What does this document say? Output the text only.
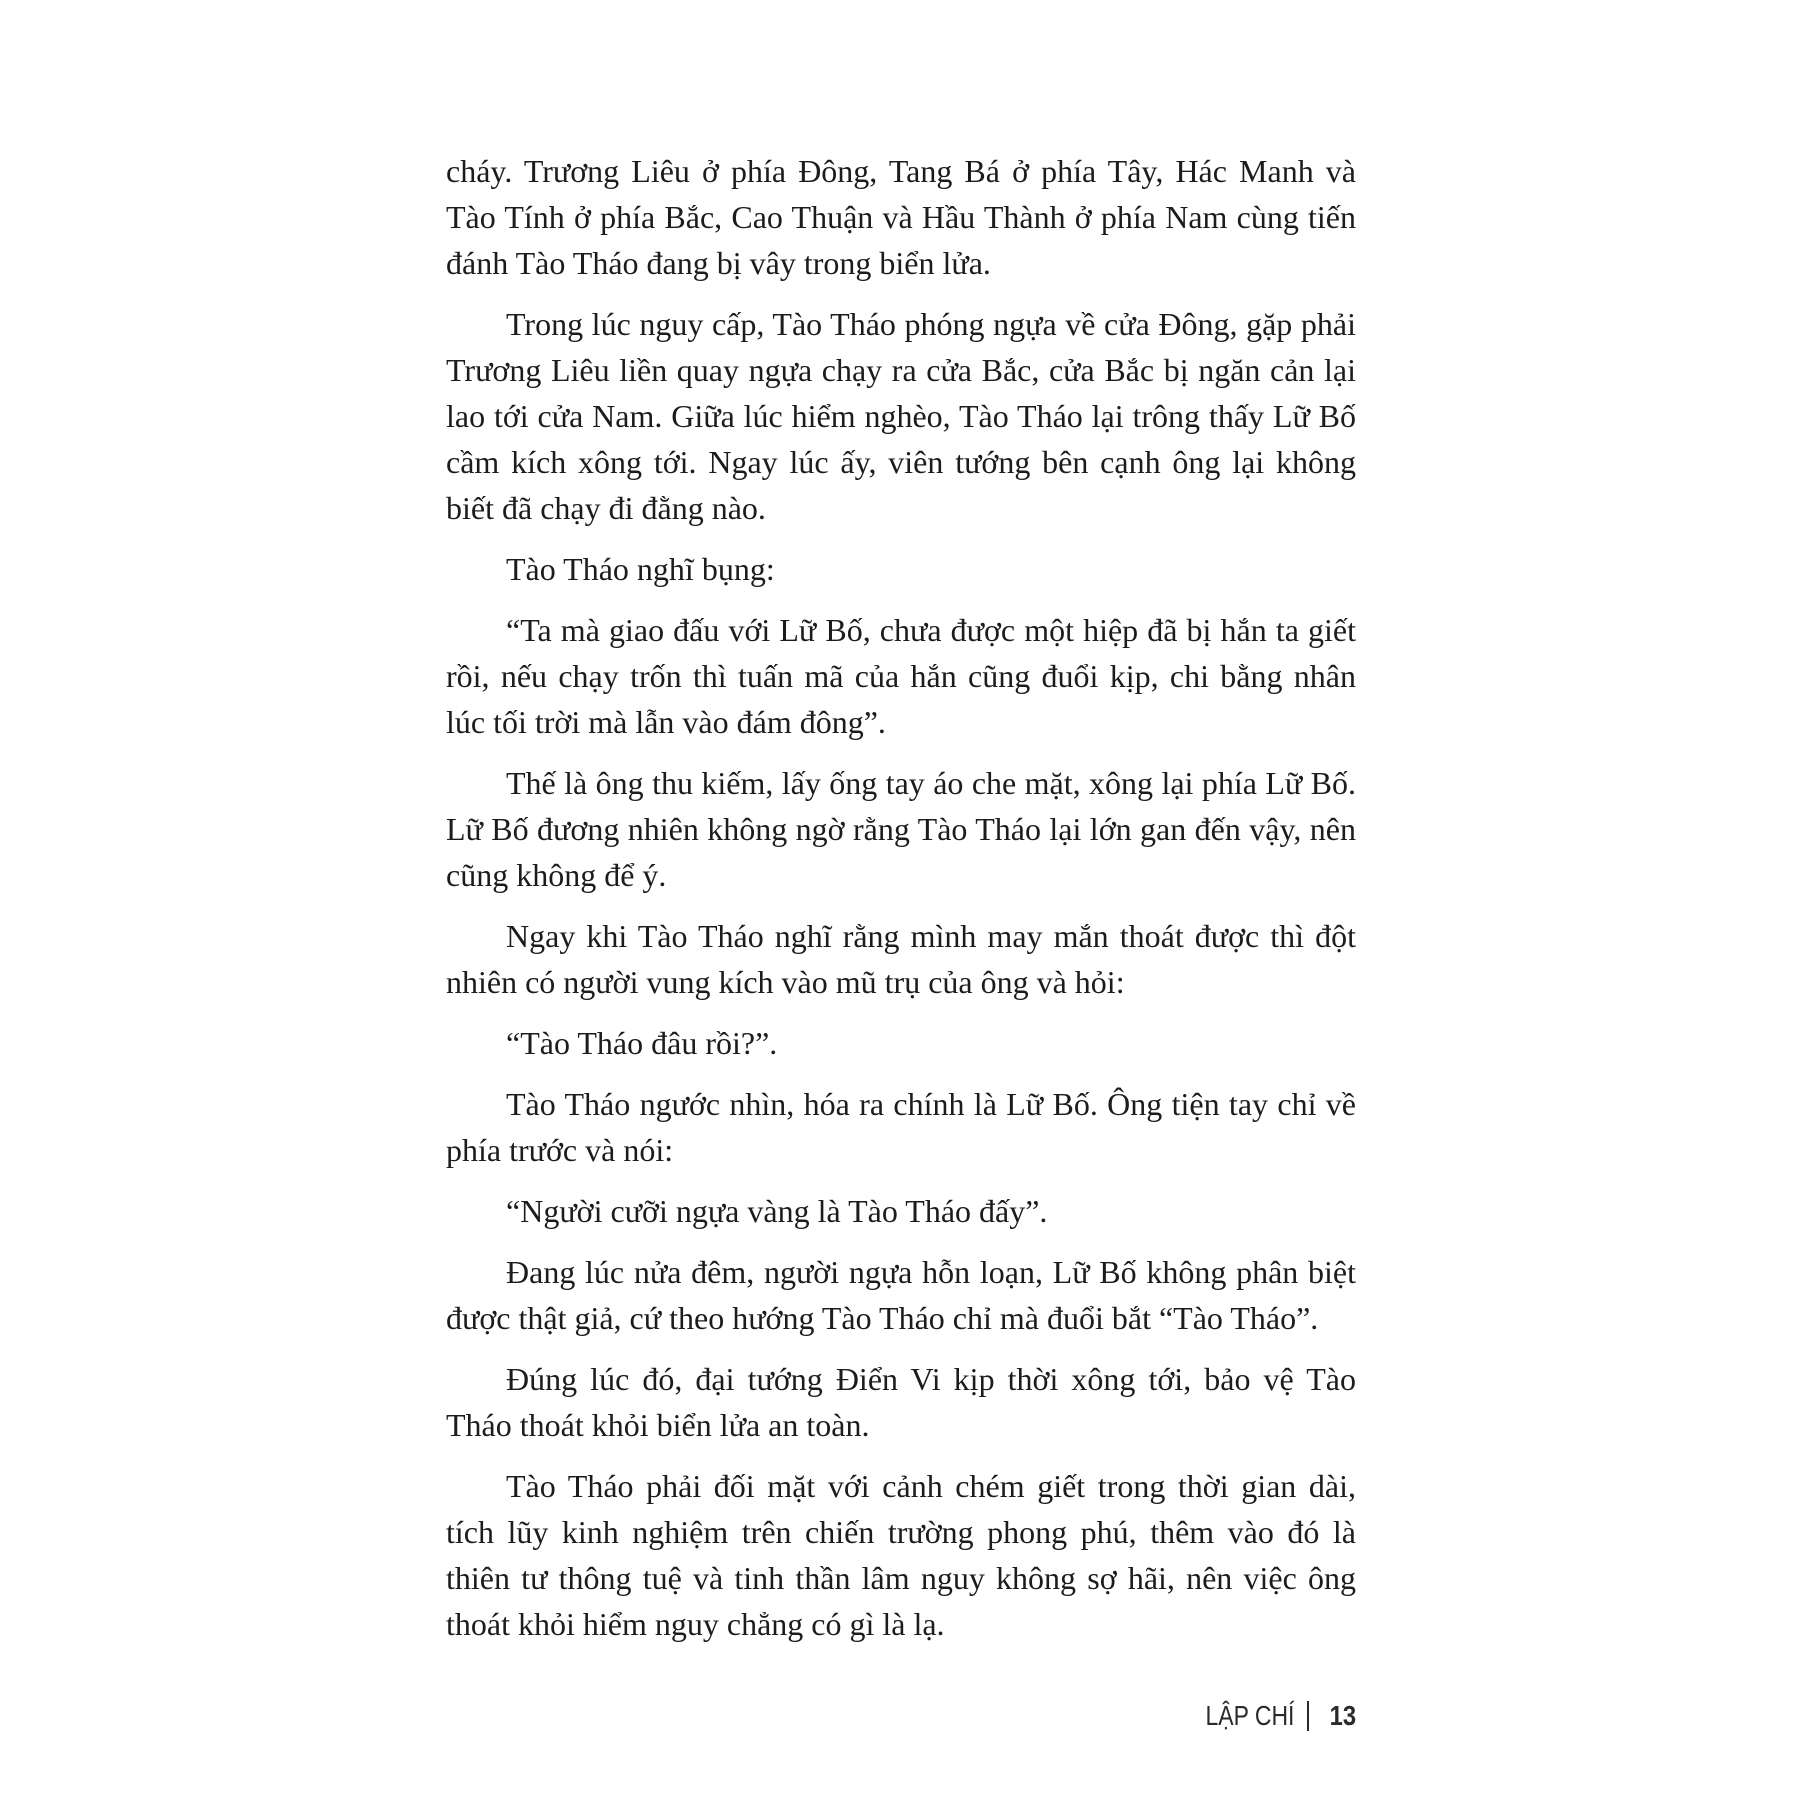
cháy. Trương Liêu ở phía Đông, Tang Bá ở phía Tây, Hác Manh và Tào Tính ở phía Bắc, Cao Thuận và Hầu Thành ở phía Nam cùng tiến đánh Tào Tháo đang bị vây trong biển lửa.

Trong lúc nguy cấp, Tào Tháo phóng ngựa về cửa Đông, gặp phải Trương Liêu liền quay ngựa chạy ra cửa Bắc, cửa Bắc bị ngăn cản lại lao tới cửa Nam. Giữa lúc hiểm nghèo, Tào Tháo lại trông thấy Lữ Bố cầm kích xông tới. Ngay lúc ấy, viên tướng bên cạnh ông lại không biết đã chạy đi đằng nào.

Tào Tháo nghĩ bụng:

“Ta mà giao đấu với Lữ Bố, chưa được một hiệp đã bị hắn ta giết rồi, nếu chạy trốn thì tuấn mã của hắn cũng đuổi kịp, chi bằng nhân lúc tối trời mà lẫn vào đám đông”.

Thế là ông thu kiếm, lấy ống tay áo che mặt, xông lại phía Lữ Bố. Lữ Bố đương nhiên không ngờ rằng Tào Tháo lại lớn gan đến vậy, nên cũng không để ý.

Ngay khi Tào Tháo nghĩ rằng mình may mắn thoát được thì đột nhiên có người vung kích vào mũ trụ của ông và hỏi:

“Tào Tháo đâu rồi?”.

Tào Tháo ngước nhìn, hóa ra chính là Lữ Bố. Ông tiện tay chỉ về phía trước và nói:

“Người cưỡi ngựa vàng là Tào Tháo đấy”.

Đang lúc nửa đêm, người ngựa hỗn loạn, Lữ Bố không phân biệt được thật giả, cứ theo hướng Tào Tháo chỉ mà đuổi bắt “Tào Tháo”.

Đúng lúc đó, đại tướng Điển Vi kịp thời xông tới, bảo vệ Tào Tháo thoát khỏi biển lửa an toàn.

Tào Tháo phải đối mặt với cảnh chém giết trong thời gian dài, tích lũy kinh nghiệm trên chiến trường phong phú, thêm vào đó là thiên tư thông tuệ và tinh thần lâm nguy không sợ hãi, nên việc ông thoát khỏi hiểm nguy chẳng có gì là lạ.

LẬP CHÍ 13
